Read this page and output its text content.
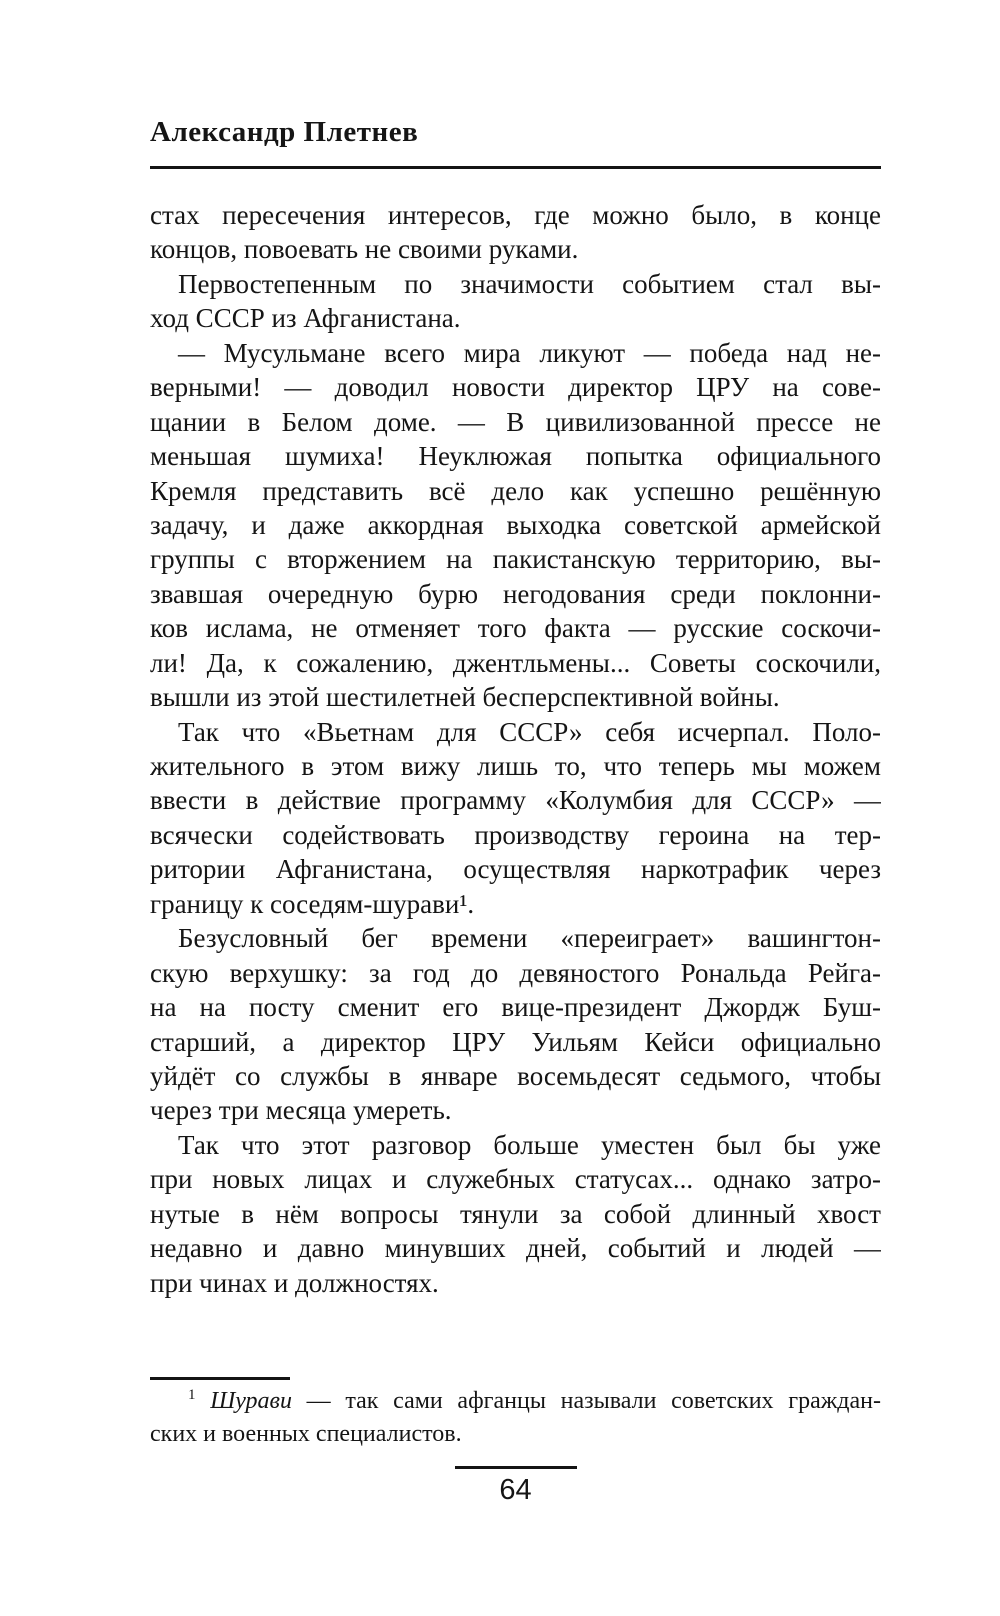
Александр Плетнев
стах пересечения интересов, где можно было, в конце
концов, повоевать не своими руками.
Первостепенным по значимости событием стал вы-
ход СССР из Афганистана.
— Мусульмане всего мира ликуют — победа над не-
верными! — доводил новости директор ЦРУ на сове-
щании в Белом доме. — В цивилизованной прессе не
меньшая шумиха! Неуклюжая попытка официального
Кремля представить всё дело как успешно решённую
задачу, и даже аккордная выходка советской армейской
группы с вторжением на пакистанскую территорию, вы-
звавшая очередную бурю негодования среди поклонни-
ков ислама, не отменяет того факта — русские соскочи-
ли! Да, к сожалению, джентльмены... Советы соскочили,
вышли из этой шестилетней бесперспективной войны.
Так что «Вьетнам для СССР» себя исчерпал. Поло-
жительного в этом вижу лишь то, что теперь мы можем
ввести в действие программу «Колумбия для СССР» —
всячески содействовать производству героина на тер-
ритории Афганистана, осуществляя наркотрафик через
границу к соседям-шурави¹.
Безусловный бег времени «переиграет» вашингтон-
скую верхушку: за год до девяностого Рональда Рейга-
на на посту сменит его вице-президент Джордж Буш-
старший, а директор ЦРУ Уильям Кейси официально
уйдёт со службы в январе восемьдесят седьмого, чтобы
через три месяца умереть.
Так что этот разговор больше уместен был бы уже
при новых лицах и служебных статусах... однако затро-
нутые в нём вопросы тянули за собой длинный хвост
недавно и давно минувших дней, событий и людей —
при чинах и должностях.
$^1$ Шурави — так сами афганцы называли советских граждан-
ских и военных специалистов.
64
